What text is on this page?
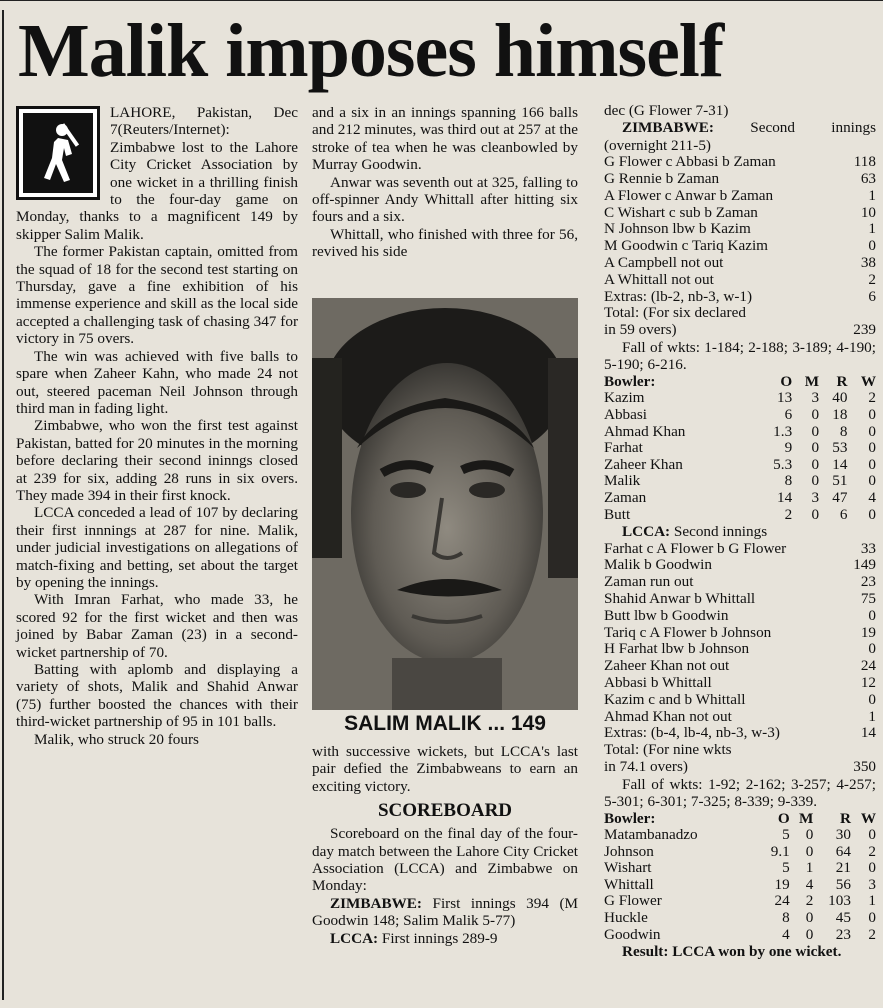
Malik imposes himself

LAHORE, Pakistan, Dec 7(Reuters/Internet): Zimbabwe lost to the Lahore City Cricket Association by one wicket in a thrilling finish to the four-day game on Monday, thanks to a magnificent 149 by skipper Salim Malik.

The former Pakistan captain, omitted from the squad of 18 for the second test starting on Thursday, gave a fine exhibition of his immense experience and skill as the local side accepted a challenging task of chasing 347 for victory in 75 overs.

The win was achieved with five balls to spare when Zaheer Kahn, who made 24 not out, steered paceman Neil Johnson through third man in fading light.

Zimbabwe, who won the first test against Pakistan, batted for 20 minutes in the morning before declaring their second ininngs closed at 239 for six, adding 28 runs in six overs. They made 394 in their first knock.

LCCA conceded a lead of 107 by declaring their first innnings at 287 for nine. Malik, under judicial investigations on allegations of match-fixing and betting, set about the target by opening the innings.

With Imran Farhat, who made 33, he scored 92 for the first wicket and then was joined by Babar Zaman (23) in a second-wicket partnership of 70.

Batting with aplomb and displaying a variety of shots, Malik and Shahid Anwar (75) further boosted the chances with their third-wicket partnership of 95 in 101 balls.

Malik, who struck 20 fours

and a six in an innings spanning 166 balls and 212 minutes, was third out at 257 at the stroke of tea when he was cleanbowled by Murray Goodwin.

Anwar was seventh out at 325, falling to off-spinner Andy Whittall after hitting six fours and a six.

Whittall, who finished with three for 56, revived his side

SALIM MALIK ... 149

with successive wickets, but LCCA's last pair defied the Zimbabweans to earn an exciting victory.

SCOREBOARD

Scoreboard on the final day of the four-day match between the Lahore City Cricket Association (LCCA) and Zimbabwe on Monday:

ZIMBABWE: First innings 394 (M Goodwin 148; Salim Malik 5-77)

LCCA: First innings 289-9

dec (G Flower 7-31)

ZIMBABWE: Second innings (overnight 211-5)

G Flower c Abbasi b Zaman	118
G Rennie b Zaman	63
A Flower c Anwar b Zaman	1
C Wishart c sub b Zaman	10
N Johnson lbw b Kazim	1
M Goodwin c Tariq Kazim	0
A Campbell not out	38
A Whittall not out	2
Extras: (lb-2, nb-3, w-1)	6
Total: (For six declared
in 59 overs)	239

Fall of wkts: 1-184; 2-188; 3-189; 4-190; 5-190; 6-216.

Bowler:	O	M	R	W
Kazim	13	3	40	2
Abbasi	6	0	18	0
Ahmad Khan	1.3	0	8	0
Farhat	9	0	53	0
Zaheer Khan	5.3	0	14	0
Malik	8	0	51	0
Zaman	14	3	47	4
Butt	2	0	6	0

LCCA: Second innings

Farhat c A Flower b G Flower	33
Malik b Goodwin	149
Zaman run out	23
Shahid Anwar b Whittall	75
Butt lbw b Goodwin	0
Tariq c A Flower b Johnson	19
H Farhat lbw b Johnson	0
Zaheer Khan not out	24
Abbasi b Whittall	12
Kazim c and b Whittall	0
Ahmad Khan not out	1
Extras: (b-4, lb-4, nb-3, w-3)	14
Total: (For nine wkts
in 74.1 overs)	350

Fall of wkts: 1-92; 2-162; 3-257; 4-257; 5-301; 6-301; 7-325; 8-339; 9-339.

Bowler:	O	M	R	W
Matambanadzo	5	0	30	0
Johnson	9.1	0	64	2
Wishart	5	1	21	0
Whittall	19	4	56	3
G Flower	24	2	103	1
Huckle	8	0	45	0
Goodwin	4	0	23	2

Result: LCCA won by one wicket.
